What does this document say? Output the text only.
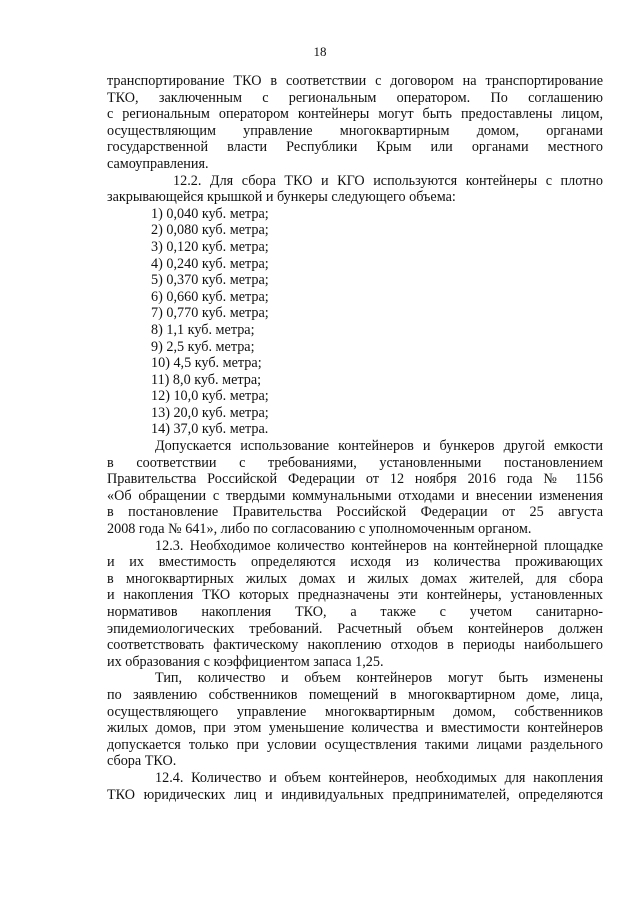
18
транспортирование ТКО в соответствии с договором на транспортирование
ТКО, заключенным с региональным оператором. По соглашению
с региональным оператором контейнеры могут быть предоставлены лицом,
осуществляющим управление многоквартирным домом, органами
государственной власти Республики Крым или органами местного
самоуправления.
12.2. Для сбора ТКО и КГО используются контейнеры с плотно
закрывающейся крышкой и бункеры следующего объема:
1) 0,040 куб. метра;
2) 0,080 куб. метра;
3) 0,120 куб. метра;
4) 0,240 куб. метра;
5) 0,370 куб. метра;
6) 0,660 куб. метра;
7) 0,770 куб. метра;
8) 1,1 куб. метра;
9) 2,5 куб. метра;
10) 4,5 куб. метра;
11) 8,0 куб. метра;
12) 10,0 куб. метра;
13) 20,0 куб. метра;
14) 37,0 куб. метра.
Допускается использование контейнеров и бункеров другой емкости
в соответствии с требованиями, установленными постановлением
Правительства Российской Федерации от 12 ноября 2016 года № 1156
«Об обращении с твердыми коммунальными отходами и внесении изменения
в постановление Правительства Российской Федерации от 25 августа
2008 года № 641», либо по согласованию с уполномоченным органом.
12.3. Необходимое количество контейнеров на контейнерной площадке
и их вместимость определяются исходя из количества проживающих
в многоквартирных жилых домах и жилых домах жителей, для сбора
и накопления ТКО которых предназначены эти контейнеры, установленных
нормативов накопления ТКО, а также с учетом санитарно-
эпидемиологических требований. Расчетный объем контейнеров должен
соответствовать фактическому накоплению отходов в периоды наибольшего
их образования с коэффициентом запаса 1,25.
Тип, количество и объем контейнеров могут быть изменены
по заявлению собственников помещений в многоквартирном доме, лица,
осуществляющего управление многоквартирным домом, собственников
жилых домов, при этом уменьшение количества и вместимости контейнеров
допускается только при условии осуществления такими лицами раздельного
сбора ТКО.
12.4. Количество и объем контейнеров, необходимых для накопления
ТКО юридических лиц и индивидуальных предпринимателей, определяются
